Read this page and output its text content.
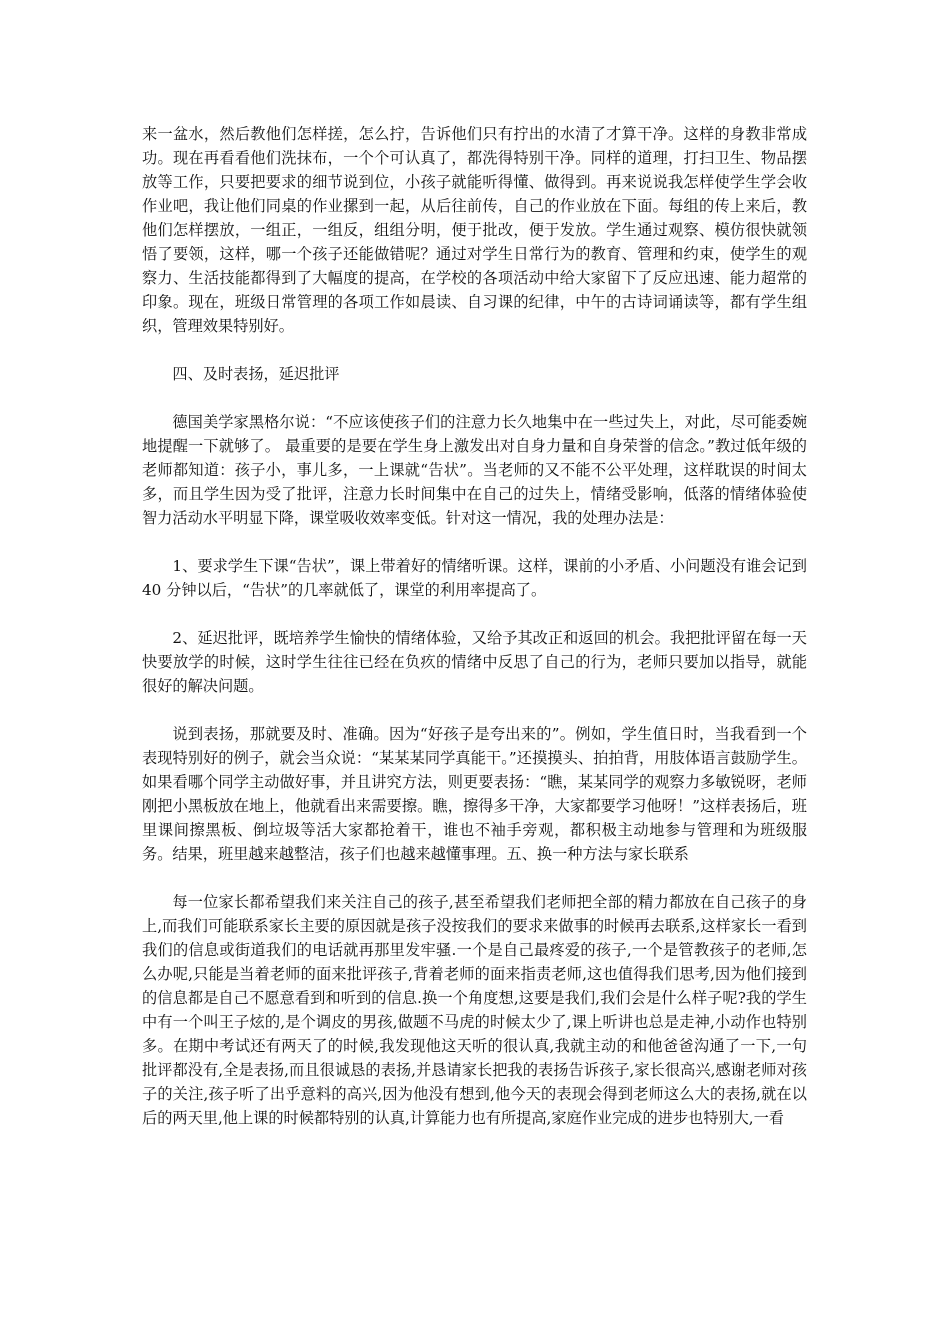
来一盆水，然后教他们怎样搓，怎么拧，告诉他们只有拧出的水清了才算干净。这样的身教非常成功。现在再看看他们洗抹布，一个个可认真了，都洗得特别干净。同样的道理，打扫卫生、物品摆放等工作，只要把要求的细节说到位，小孩子就能听得懂、做得到。再来说说我怎样使学生学会收作业吧，我让他们同桌的作业摞到一起，从后往前传，自己的作业放在下面。每组的传上来后，教他们怎样摆放，一组正，一组反，组组分明，便于批改，便于发放。学生通过观察、模仿很快就领悟了要领，这样，哪一个孩子还能做错呢？通过对学生日常行为的教育、管理和约束，使学生的观察力、生活技能都得到了大幅度的提高，在学校的各项活动中给大家留下了反应迅速、能力超常的印象。现在，班级日常管理的各项工作如晨读、自习课的纪律，中午的古诗词诵读等，都有学生组织，管理效果特别好。

四、及时表扬，延迟批评

德国美学家黑格尔说：“不应该使孩子们的注意力长久地集中在一些过失上，对此，尽可能委婉地提醒一下就够了。 最重要的是要在学生身上激发出对自身力量和自身荣誉的信念。”教过低年级的老师都知道：孩子小，事儿多，一上课就“告状”。当老师的又不能不公平处理，这样耽误的时间太多，而且学生因为受了批评，注意力长时间集中在自己的过失上，情绪受影响，低落的情绪体验使智力活动水平明显下降，课堂吸收效率变低。针对这一情况，我的处理办法是：

1、要求学生下课“告状”，课上带着好的情绪听课。这样，课前的小矛盾、小问题没有谁会记到 40 分钟以后，“告状”的几率就低了，课堂的利用率提高了。

2、延迟批评，既培养学生愉快的情绪体验，又给予其改正和返回的机会。我把批评留在每一天快要放学的时候，这时学生往往已经在负疚的情绪中反思了自己的行为，老师只要加以指导，就能很好的解决问题。

说到表扬，那就要及时、准确。因为“好孩子是夸出来的”。例如，学生值日时，当我看到一个表现特别好的例子，就会当众说：“某某某同学真能干。”还摸摸头、拍拍背，用肢体语言鼓励学生。如果看哪个同学主动做好事，并且讲究方法，则更要表扬：“瞧，某某同学的观察力多敏锐呀，老师刚把小黑板放在地上，他就看出来需要擦。瞧，擦得多干净，大家都要学习他呀！”这样表扬后，班里课间擦黑板、倒垃圾等活大家都抢着干，谁也不袖手旁观，都积极主动地参与管理和为班级服务。结果，班里越来越整洁，孩子们也越来越懂事理。五、换一种方法与家长联系

每一位家长都希望我们来关注自己的孩子,甚至希望我们老师把全部的精力都放在自己孩子的身上,而我们可能联系家长主要的原因就是孩子没按我们的要求来做事的时候再去联系,这样家长一看到我们的信息或街道我们的电话就再那里发牢骚.一个是自己最疼爱的孩子,一个是管教孩子的老师,怎么办呢,只能是当着老师的面来批评孩子,背着老师的面来指责老师,这也值得我们思考,因为他们接到的信息都是自己不愿意看到和听到的信息.换一个角度想,这要是我们,我们会是什么样子呢?我的学生中有一个叫王子炫的,是个调皮的男孩,做题不马虎的时候太少了,课上听讲也总是走神,小动作也特别多。在期中考试还有两天了的时候,我发现他这天听的很认真,我就主动的和他爸爸沟通了一下,一句批评都没有,全是表扬,而且很诚恳的表扬,并恳请家长把我的表扬告诉孩子,家长很高兴,感谢老师对孩子的关注,孩子听了出乎意料的高兴,因为他没有想到,他今天的表现会得到老师这么大的表扬,就在以后的两天里,他上课的时候都特别的认真,计算能力也有所提高,家庭作业完成的进步也特别大,一看
